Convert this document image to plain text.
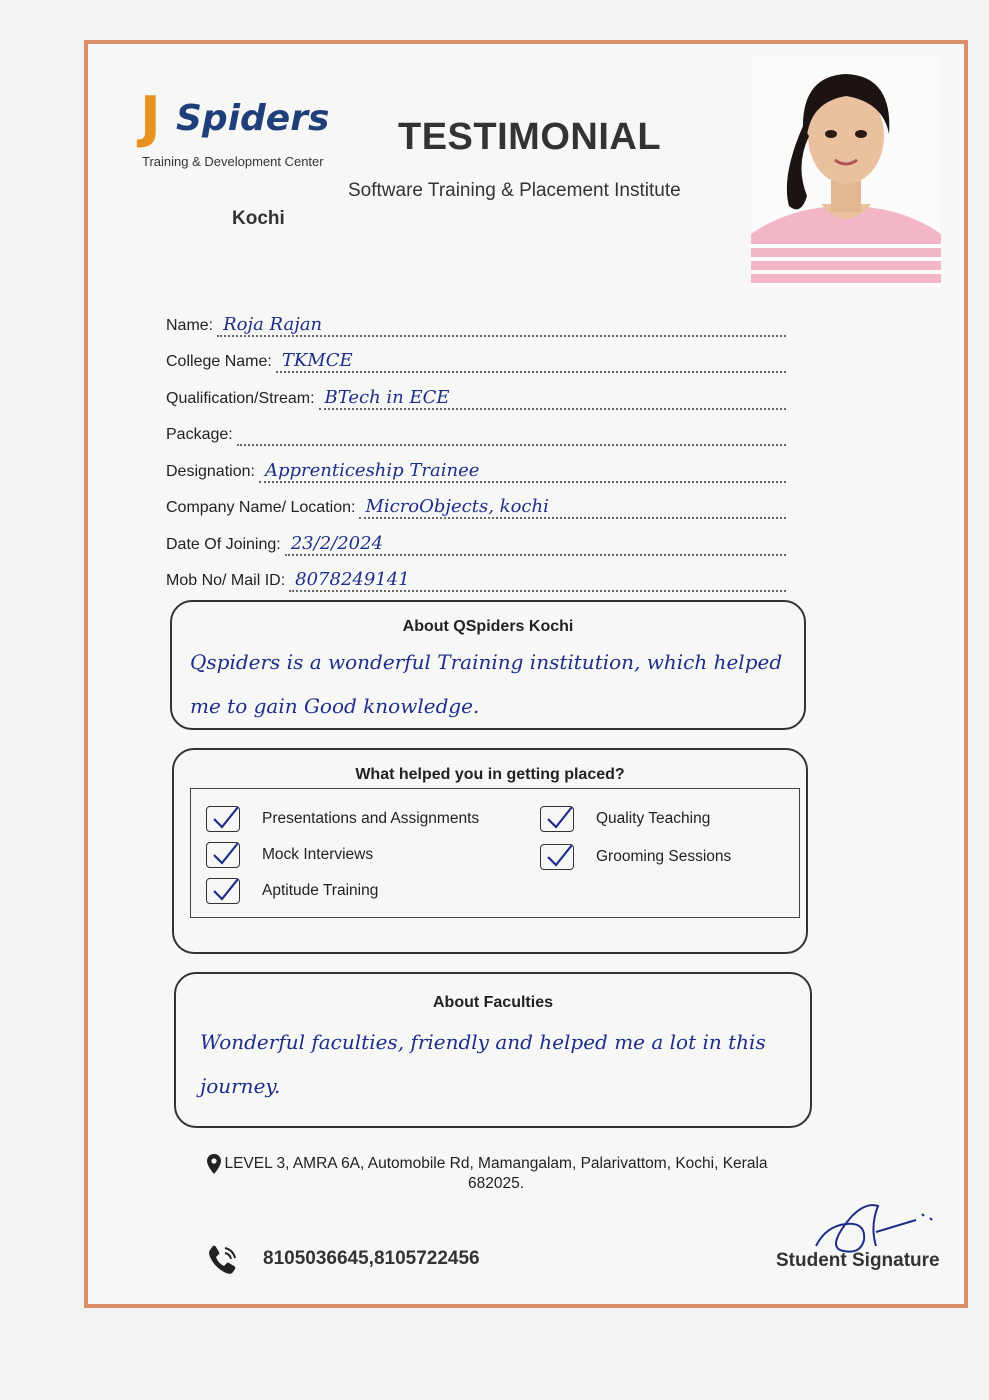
J Spiders
Training & Development Center
Kochi
TESTIMONIAL
Software Training & Placement Institute
Name: Roja Rajan
College Name: TKMCE
Qualification/Stream: BTech in ECE
Package:
Designation: Apprenticeship Trainee
Company Name/ Location: MicroObjects, kochi
Date Of Joining: 23/2/2024
Mob No/ Mail ID: 8078249141
About QSpiders Kochi
Qspiders is a wonderful Training institution, which helped me to gain Good knowledge.
What helped you in getting placed?
Presentations and Assignments
Mock Interviews
Aptitude Training
Quality Teaching
Grooming Sessions
About Faculties
Wonderful faculties, friendly and helped me a lot in this journey.
LEVEL 3, AMRA 6A, Automobile Rd, Mamangalam, Palarivattom, Kochi, Kerala 682025.
8105036645,8105722456	Student Signature
